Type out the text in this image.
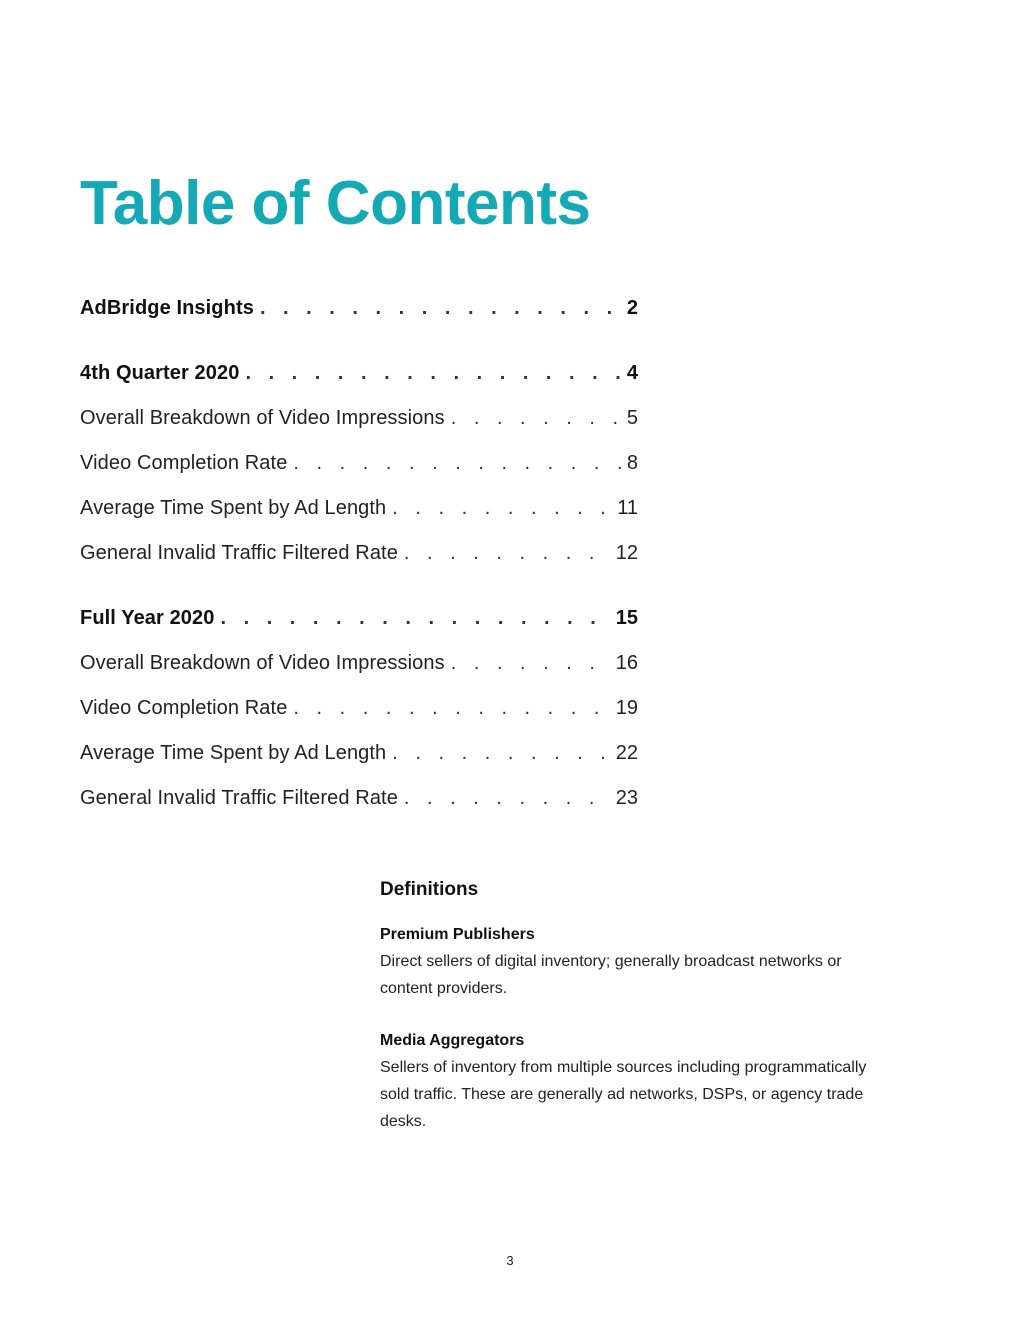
Table of Contents
AdBridge Insights . . .	2
4th Quarter 2020 . . .	4
Overall Breakdown of Video Impressions . . .	5
Video Completion Rate . . .	8
Average Time Spent by Ad Length . . .	11
General Invalid Traffic Filtered Rate . . .	12
Full Year 2020 . . .	15
Overall Breakdown of Video Impressions . . .	16
Video Completion Rate . . .	19
Average Time Spent by Ad Length . . .	22
General Invalid Traffic Filtered Rate . . .	23
Definitions
Premium Publishers
Direct sellers of digital inventory; generally broadcast networks or content providers.
Media Aggregators
Sellers of inventory from multiple sources including programmatically sold traffic. These are generally ad networks, DSPs, or agency trade desks.
3
